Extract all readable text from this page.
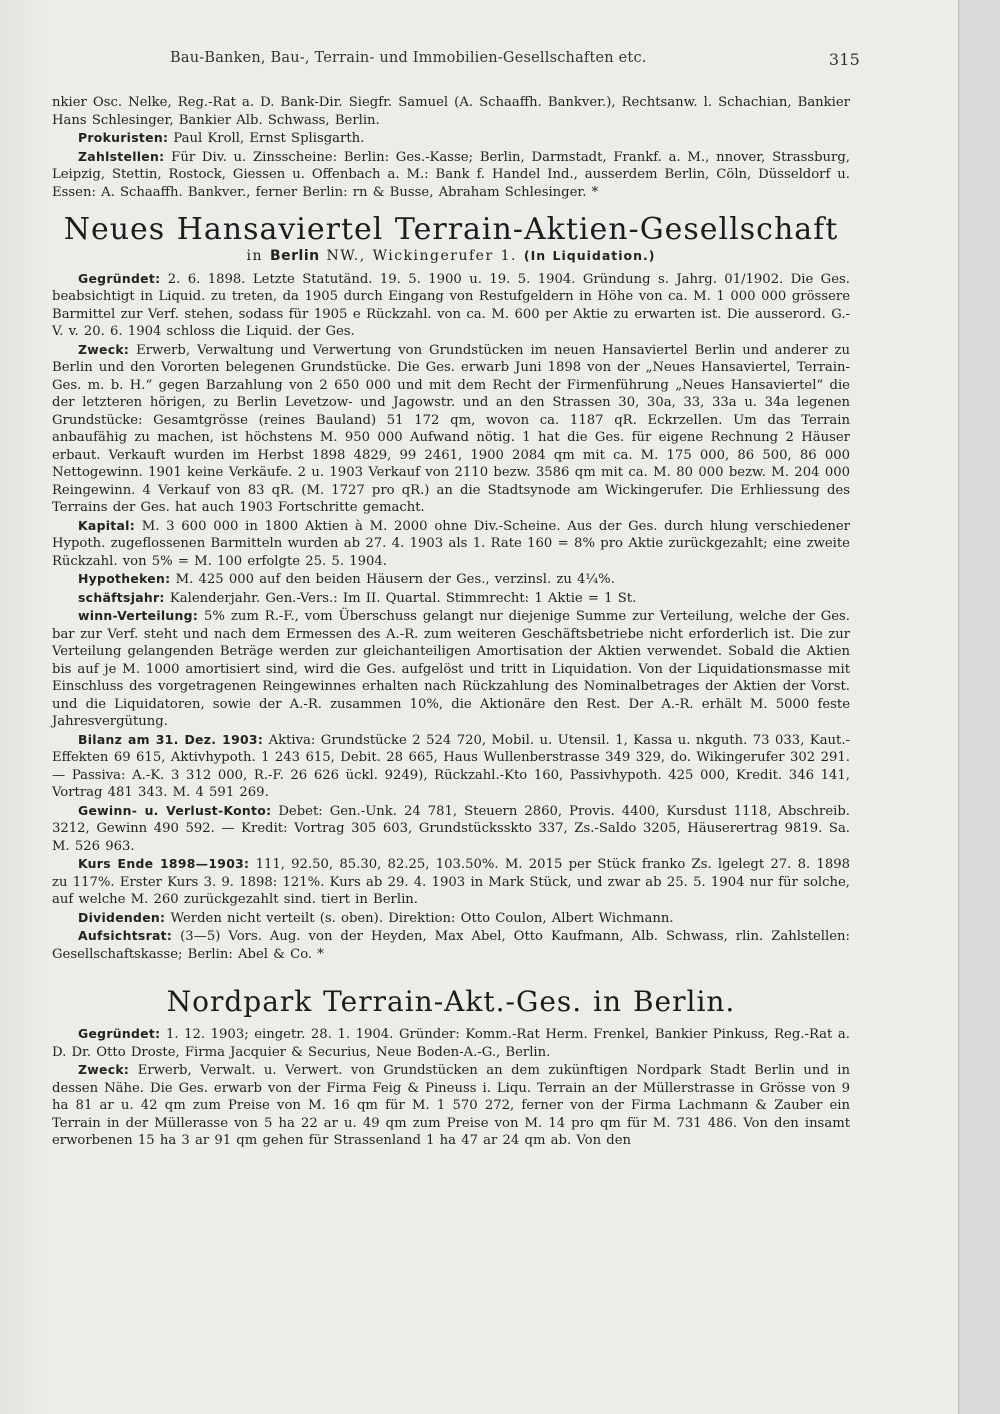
Bau-Banken, Bau-, Terrain- und Immobilien-Gesellschaften etc.	315

nkier Osc. Nelke, Reg.-Rat a. D. Bank-Dir. Siegfr. Samuel (A. Schaaffh. Bankver.), Rechtsanw. l. Schachian, Bankier Hans Schlesinger, Bankier Alb. Schwass, Berlin.

Prokuristen: Paul Kroll, Ernst Splisgarth.

Zahlstellen: Für Div. u. Zinsscheine: Berlin: Ges.-Kasse; Berlin, Darmstadt, Frankf. a. M., nnover, Strassburg, Leipzig, Stettin, Rostock, Giessen u. Offenbach a. M.: Bank f. Handel Ind., ausserdem Berlin, Cöln, Düsseldorf u. Essen: A. Schaaffh. Bankver., ferner Berlin: rn & Busse, Abraham Schlesinger. *

Neues Hansaviertel Terrain-Aktien-Gesellschaft

in Berlin NW., Wickingerufer 1. (In Liquidation.)

Gegründet: 2. 6. 1898. Letzte Statutänd. 19. 5. 1900 u. 19. 5. 1904. Gründung s. Jahrg. 01/1902. Die Ges. beabsichtigt in Liquid. zu treten, da 1905 durch Eingang von Restufgeldern in Höhe von ca. M. 1 000 000 grössere Barmittel zur Verf. stehen, sodass für 1905 e Rückzahl. von ca. M. 600 per Aktie zu erwarten ist. Die ausserord. G.-V. v. 20. 6. 1904 schloss die Liquid. der Ges.

Zweck: Erwerb, Verwaltung und Verwertung von Grundstücken im neuen Hansaviertel Berlin und anderer zu Berlin und den Vororten belegenen Grundstücke. Die Ges. erwarb Juni 1898 von der „Neues Hansaviertel, Terrain-Ges. m. b. H.“ gegen Barzahlung von 2 650 000 und mit dem Recht der Firmenführung „Neues Hansaviertel“ die der letzteren hörigen, zu Berlin Levetzow- und Jagowstr. und an den Strassen 30, 30a, 33, 33a u. 34a legenen Grundstücke: Gesamtgrösse (reines Bauland) 51 172 qm, wovon ca. 1187 qR. Eckrzellen. Um das Terrain anbaufähig zu machen, ist höchstens M. 950 000 Aufwand nötig. 1 hat die Ges. für eigene Rechnung 2 Häuser erbaut. Verkauft wurden im Herbst 1898 4829, 99 2461, 1900 2084 qm mit ca. M. 175 000, 86 500, 86 000 Nettogewinn. 1901 keine Verkäufe. 2 u. 1903 Verkauf von 2110 bezw. 3586 qm mit ca. M. 80 000 bezw. M. 204 000 Reingewinn. 4 Verkauf von 83 qR. (M. 1727 pro qR.) an die Stadtsynode am Wickingerufer. Die Erhliessung des Terrains der Ges. hat auch 1903 Fortschritte gemacht.

Kapital: M. 3 600 000 in 1800 Aktien à M. 2000 ohne Div.-Scheine. Aus der Ges. durch hlung verschiedener Hypoth. zugeflossenen Barmitteln wurden ab 27. 4. 1903 als 1. Rate 160 = 8% pro Aktie zurückgezahlt; eine zweite Rückzahl. von 5% = M. 100 erfolgte 25. 5. 1904.

Hypotheken: M. 425 000 auf den beiden Häusern der Ges., verzinsl. zu 4¼%.

schäftsjahr: Kalenderjahr. Gen.-Vers.: Im II. Quartal. Stimmrecht: 1 Aktie = 1 St.

winn-Verteilung: 5% zum R.-F., vom Überschuss gelangt nur diejenige Summe zur Verteilung, welche der Ges. bar zur Verf. steht und nach dem Ermessen des A.-R. zum weiteren Geschäftsbetriebe nicht erforderlich ist. Die zur Verteilung gelangenden Beträge werden zur gleichanteiligen Amortisation der Aktien verwendet. Sobald die Aktien bis auf je M. 1000 amortisiert sind, wird die Ges. aufgelöst und tritt in Liquidation. Von der Liquidationsmasse mit Einschluss des vorgetragenen Reingewinnes erhalten nach Rückzahlung des Nominalbetrages der Aktien der Vorst. und die Liquidatoren, sowie der A.-R. zusammen 10%, die Aktionäre den Rest. Der A.-R. erhält M. 5000 feste Jahresvergütung.

Bilanz am 31. Dez. 1903: Aktiva: Grundstücke 2 524 720, Mobil. u. Utensil. 1, Kassa u. nkguth. 73 033, Kaut.-Effekten 69 615, Aktivhypoth. 1 243 615, Debit. 28 665, Haus Wullenberstrasse 349 329, do. Wikingerufer 302 291. — Passiva: A.-K. 3 312 000, R.-F. 26 626 ückl. 9249), Rückzahl.-Kto 160, Passivhypoth. 425 000, Kredit. 346 141, Vortrag 481 343. M. 4 591 269.

Gewinn- u. Verlust-Konto: Debet: Gen.-Unk. 24 781, Steuern 2860, Provis. 4400, Kursdust 1118, Abschreib. 3212, Gewinn 490 592. — Kredit: Vortrag 305 603, Grundstücksskto 337, Zs.-Saldo 3205, Häuserertrag 9819. Sa. M. 526 963.

Kurs Ende 1898—1903: 111, 92.50, 85.30, 82.25, 103.50%. M. 2015 per Stück franko Zs. lgelegt 27. 8. 1898 zu 117%. Erster Kurs 3. 9. 1898: 121%. Kurs ab 29. 4. 1903 in Mark Stück, und zwar ab 25. 5. 1904 nur für solche, auf welche M. 260 zurückgezahlt sind. tiert in Berlin.

Dividenden: Werden nicht verteilt (s. oben). Direktion: Otto Coulon, Albert Wichmann.

Aufsichtsrat: (3—5) Vors. Aug. von der Heyden, Max Abel, Otto Kaufmann, Alb. Schwass, rlin. Zahlstellen: Gesellschaftskasse; Berlin: Abel & Co. *

Nordpark Terrain-Akt.-Ges. in Berlin.

Gegründet: 1. 12. 1903; eingetr. 28. 1. 1904. Gründer: Komm.-Rat Herm. Frenkel, Bankier Pinkuss, Reg.-Rat a. D. Dr. Otto Droste, Firma Jacquier & Securius, Neue Boden-A.-G., Berlin.

Zweck: Erwerb, Verwalt. u. Verwert. von Grundstücken an dem zukünftigen Nordpark Stadt Berlin und in dessen Nähe. Die Ges. erwarb von der Firma Feig & Pineuss i. Liqu. Terrain an der Müllerstrasse in Grösse von 9 ha 81 ar u. 42 qm zum Preise von M. 16 qm für M. 1 570 272, ferner von der Firma Lachmann & Zauber ein Terrain in der Müllerasse von 5 ha 22 ar u. 49 qm zum Preise von M. 14 pro qm für M. 731 486. Von den insamt erworbenen 15 ha 3 ar 91 qm gehen für Strassenland 1 ha 47 ar 24 qm ab. Von den
